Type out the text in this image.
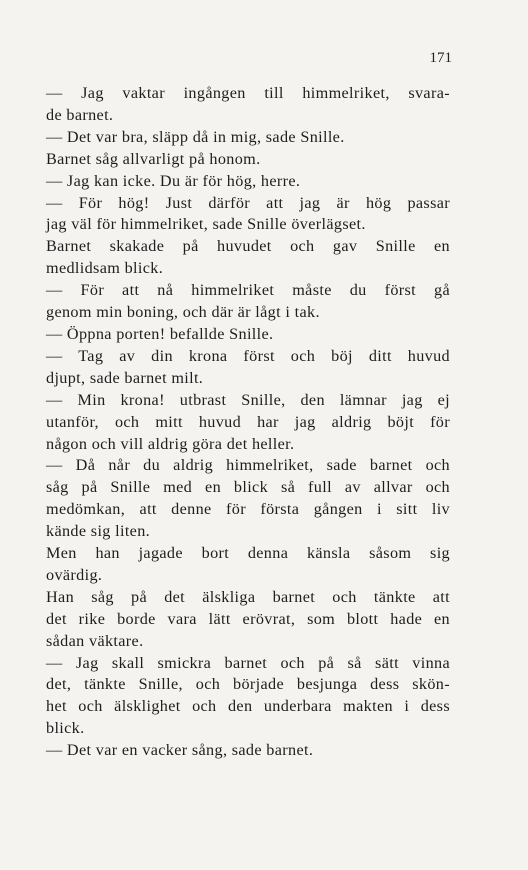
171
— Jag vaktar ingången till himmelriket, svara-
de barnet.
— Det var bra, släpp då in mig, sade Snille.
Barnet såg allvarligt på honom.
— Jag kan icke. Du är för hög, herre.
— För hög! Just därför att jag är hög passar
jag väl för himmelriket, sade Snille överlägset.
Barnet skakade på huvudet och gav Snille en
medlidsam blick.
— För att nå himmelriket måste du först gå
genom min boning, och där är lågt i tak.
— Öppna porten! befallde Snille.
— Tag av din krona först och böj ditt huvud
djupt, sade barnet milt.
— Min krona! utbrast Snille, den lämnar jag ej
utanför, och mitt huvud har jag aldrig böjt för
någon och vill aldrig göra det heller.
— Då når du aldrig himmelriket, sade barnet och
såg på Snille med en blick så full av allvar och
medömkan, att denne för första gången i sitt liv
kände sig liten.
Men han jagade bort denna känsla såsom sig
ovärdig.
Han såg på det älskliga barnet och tänkte att
det rike borde vara lätt erövrat, som blott hade en
sådan väktare.
— Jag skall smickra barnet och på så sätt vinna
det, tänkte Snille, och började besjunga dess skön-
het och älsklighet och den underbara makten i dess
blick.
— Det var en vacker sång, sade barnet.
